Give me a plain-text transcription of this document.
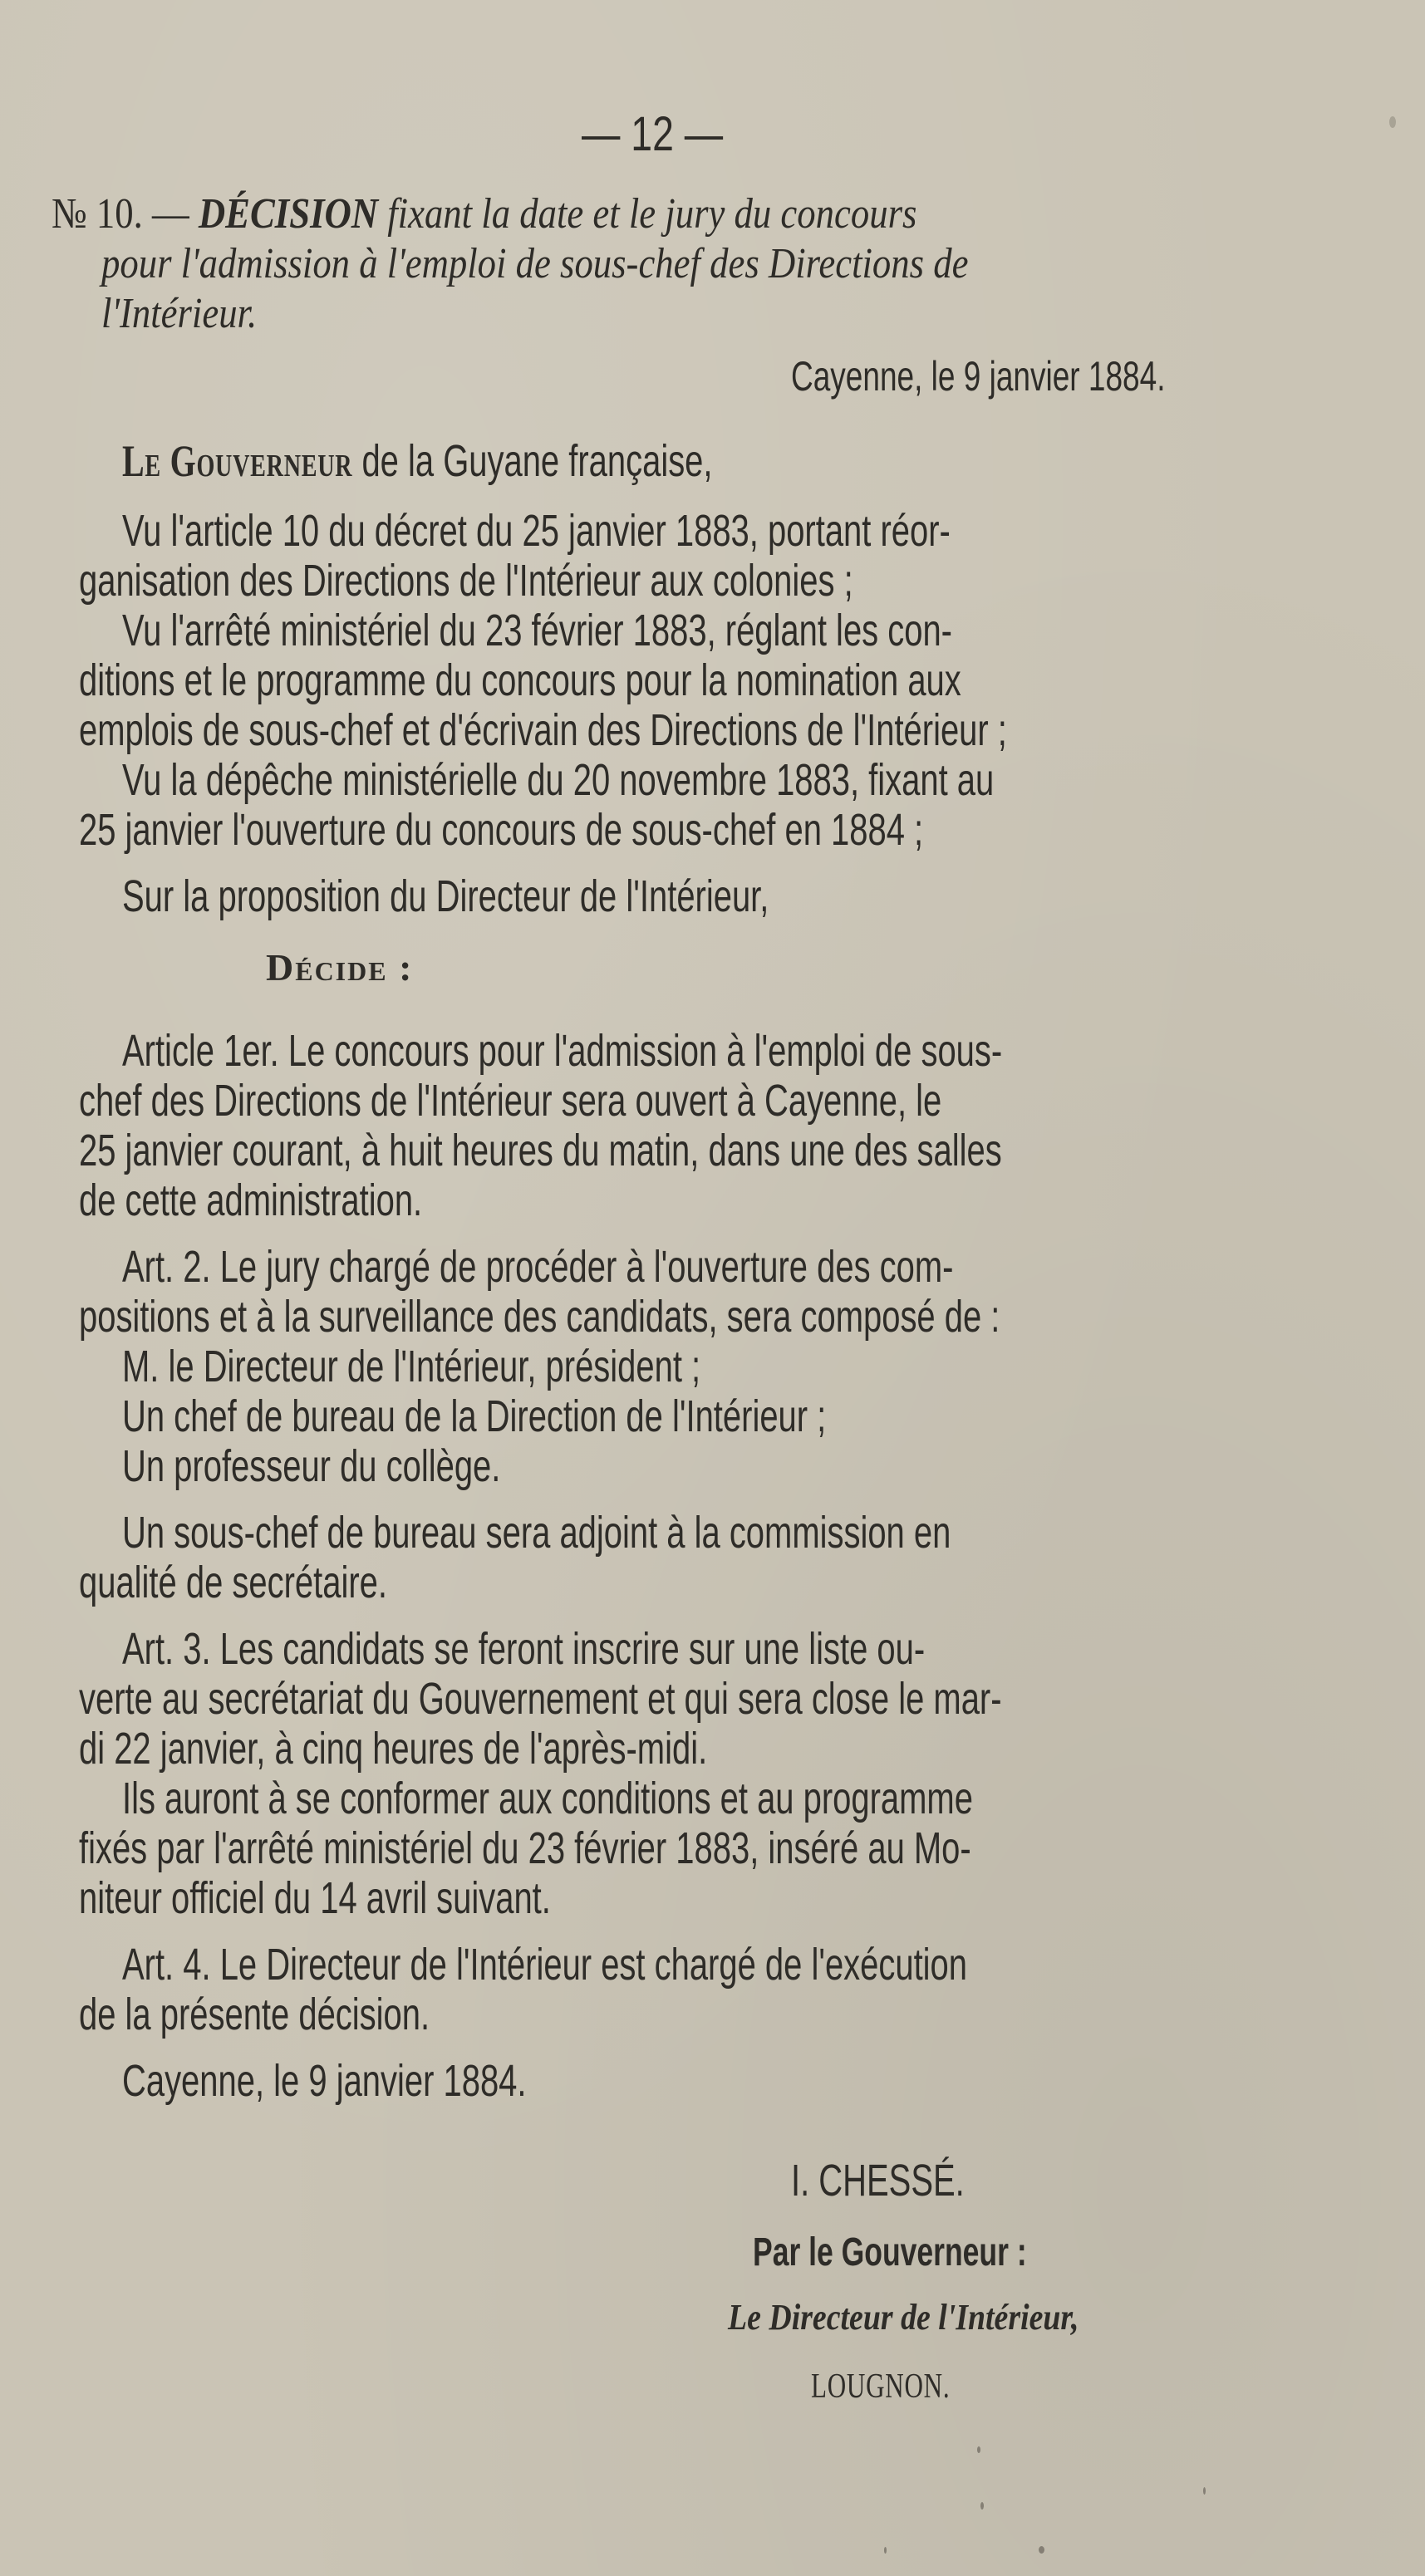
— 12 —
№ 10. — DÉCISION fixant la date et le jury du concours
pour l'admission à l'emploi de sous-chef des Directions de
l'Intérieur.
Cayenne, le 9 janvier 1884.
Le Gouverneur de la Guyane française,
Vu l'article 10 du décret du 25 janvier 1883, portant réor-
ganisation des Directions de l'Intérieur aux colonies ;
Vu l'arrêté ministériel du 23 février 1883, réglant les con-
ditions et le programme du concours pour la nomination aux
emplois de sous-chef et d'écrivain des Directions de l'Intérieur ;
Vu la dépêche ministérielle du 20 novembre 1883, fixant au
25 janvier l'ouverture du concours de sous-chef en 1884 ;
Sur la proposition du Directeur de l'Intérieur,
Décide :
Article 1er. Le concours pour l'admission à l'emploi de sous-
chef des Directions de l'Intérieur sera ouvert à Cayenne, le
25 janvier courant, à huit heures du matin, dans une des salles
de cette administration.
Art. 2. Le jury chargé de procéder à l'ouverture des com-
positions et à la surveillance des candidats, sera composé de :
M. le Directeur de l'Intérieur, président ;
Un chef de bureau de la Direction de l'Intérieur ;
Un professeur du collège.
Un sous-chef de bureau sera adjoint à la commission en
qualité de secrétaire.
Art. 3. Les candidats se feront inscrire sur une liste ou-
verte au secrétariat du Gouvernement et qui sera close le mar-
di 22 janvier, à cinq heures de l'après-midi.
Ils auront à se conformer aux conditions et au programme
fixés par l'arrêté ministériel du 23 février 1883, inséré au Mo-
niteur officiel du 14 avril suivant.
Art. 4. Le Directeur de l'Intérieur est chargé de l'exécution
de la présente décision.
Cayenne, le 9 janvier 1884.
I. CHESSÉ.
Par le Gouverneur :
Le Directeur de l'Intérieur,
LOUGNON.
